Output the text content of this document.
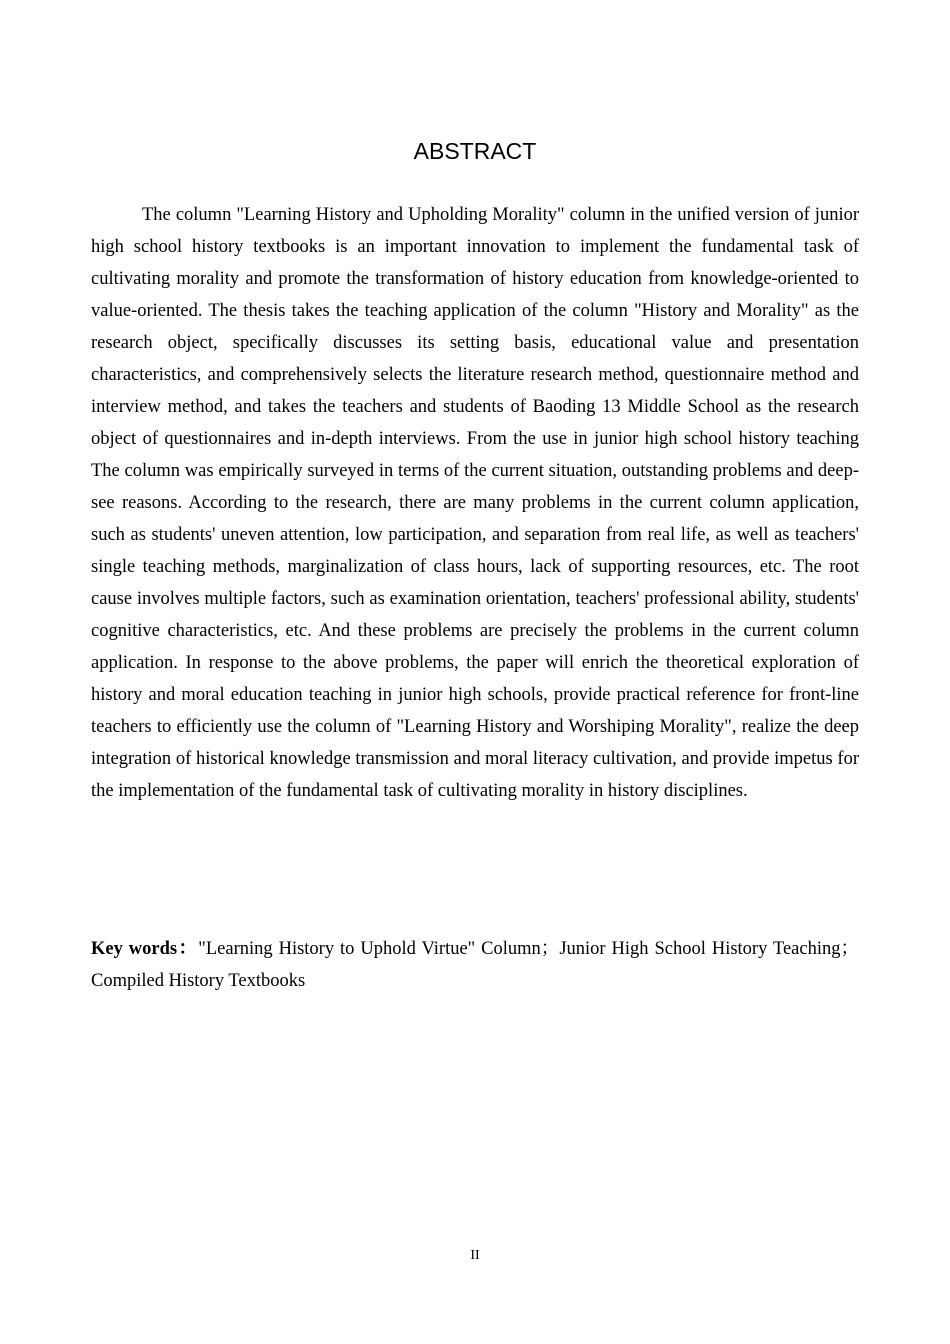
ABSTRACT

The column "Learning History and Upholding Morality" column in the unified version of junior high school history textbooks is an important innovation to implement the fundamental task of cultivating morality and promote the transformation of history education from knowledge-oriented to value-oriented. The thesis takes the teaching application of the column "History and Morality" as the research object, specifically discusses its setting basis, educational value and presentation characteristics, and comprehensively selects the literature research method, questionnaire method and interview method, and takes the teachers and students of Baoding 13 Middle School as the research object of questionnaires and in-depth interviews. From the use in junior high school history teaching The column was empirically surveyed in terms of the current situation, outstanding problems and deep-see reasons. According to the research, there are many problems in the current column application, such as students' uneven attention, low participation, and separation from real life, as well as teachers' single teaching methods, marginalization of class hours, lack of supporting resources, etc. The root cause involves multiple factors, such as examination orientation, teachers' professional ability, students' cognitive characteristics, etc. And these problems are precisely the problems in the current column application. In response to the above problems, the paper will enrich the theoretical exploration of history and moral education teaching in junior high schools, provide practical reference for front-line teachers to efficiently use the column of "Learning History and Worshiping Morality", realize the deep integration of historical knowledge transmission and moral literacy cultivation, and provide impetus for the implementation of the fundamental task of cultivating morality in history disciplines.

Key words："Learning History to Uphold Virtue" Column；Junior High School History Teaching；Compiled History Textbooks

II
